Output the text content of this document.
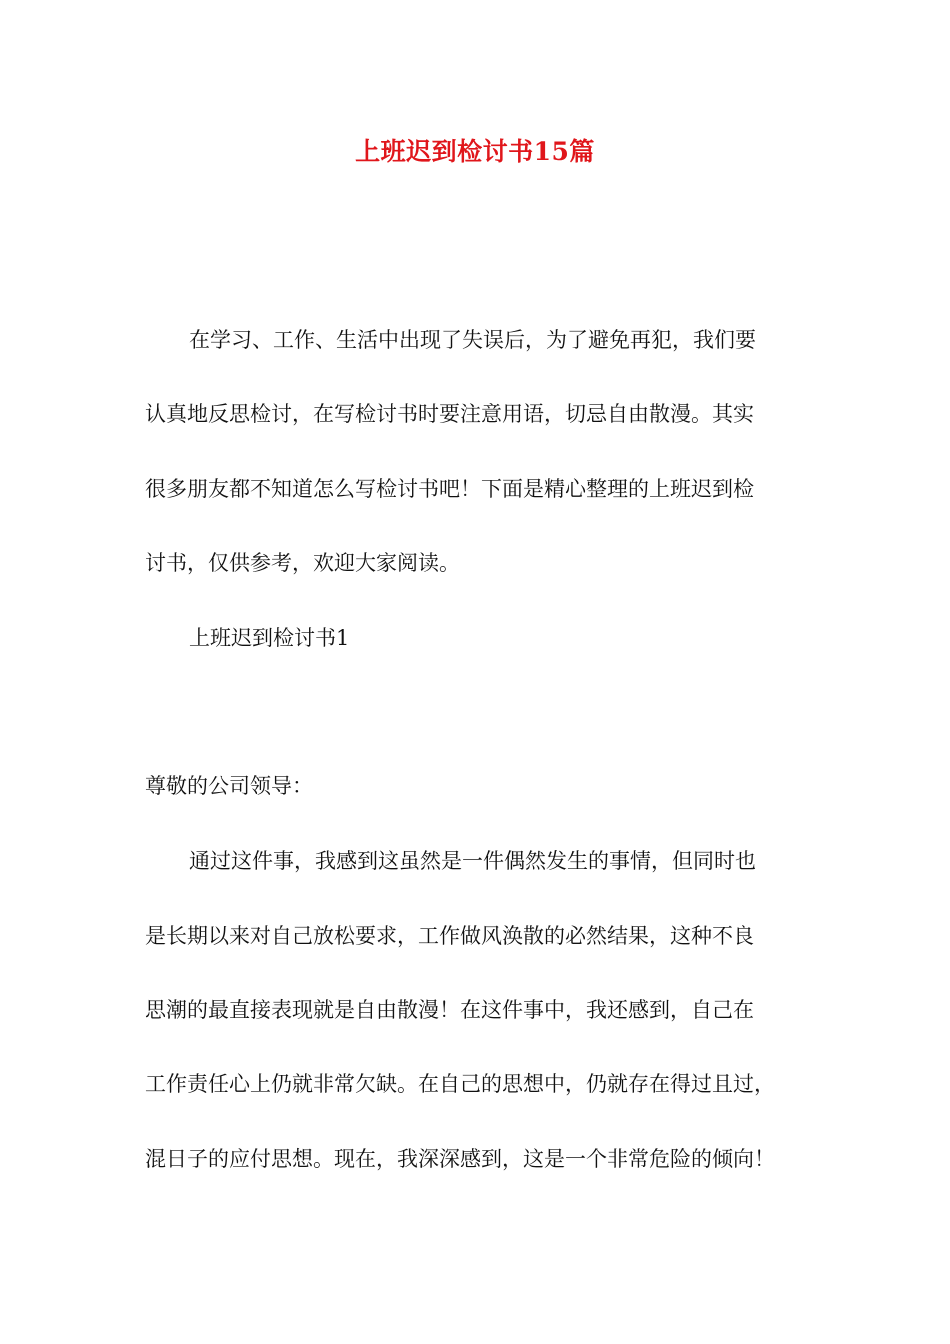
上班迟到检讨书15篇
在学习、工作、生活中出现了失误后，为了避免再犯，我们要
认真地反思检讨，在写检讨书时要注意用语，切忌自由散漫。其实
很多朋友都不知道怎么写检讨书吧！下面是精心整理的上班迟到检
讨书，仅供参考，欢迎大家阅读。
上班迟到检讨书1
尊敬的公司领导：
通过这件事，我感到这虽然是一件偶然发生的事情，但同时也
是长期以来对自己放松要求，工作做风涣散的必然结果，这种不良
思潮的最直接表现就是自由散漫！在这件事中，我还感到，自己在
工作责任心上仍就非常欠缺。在自己的思想中，仍就存在得过且过，
混日子的应付思想。现在，我深深感到，这是一个非常危险的倾向！
